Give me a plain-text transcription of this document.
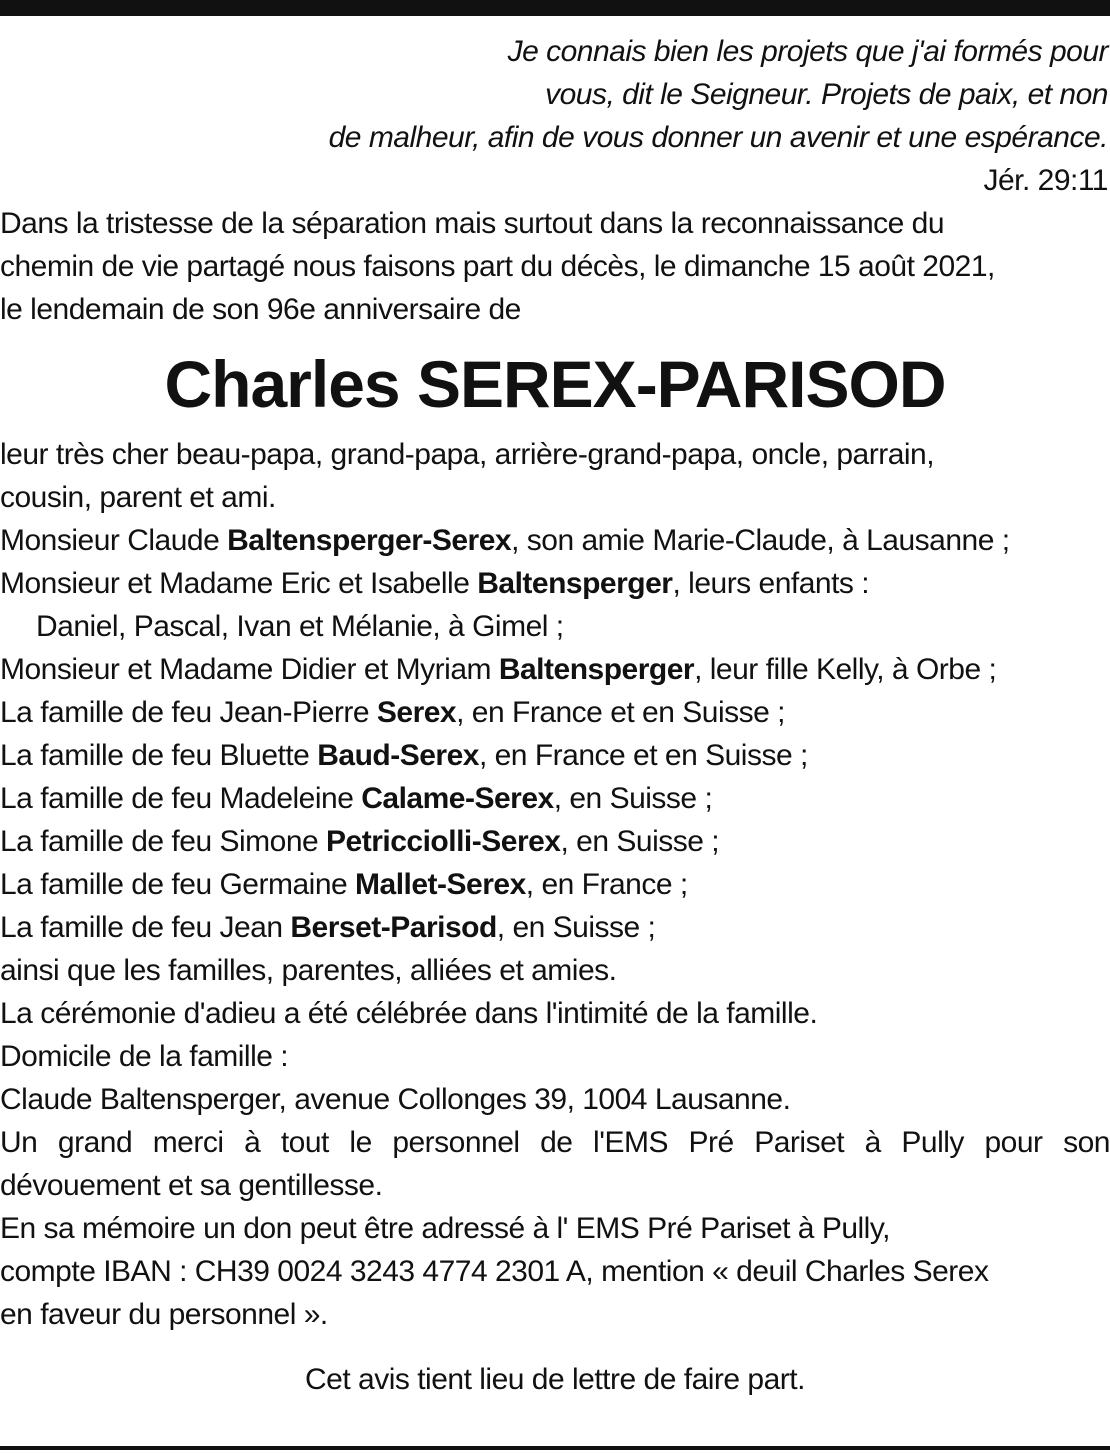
Je connais bien les projets que j'ai formés pour
vous, dit le Seigneur. Projets de paix, et non
de malheur, afin de vous donner un avenir et une espérance.
Jér. 29:11
Dans la tristesse de la séparation mais surtout dans la reconnaissance du
chemin de vie partagé nous faisons part du décès, le dimanche 15 août 2021,
le lendemain de son 96e anniversaire de
Charles SEREX-PARISOD
leur très cher beau-papa, grand-papa, arrière-grand-papa, oncle, parrain,
cousin, parent et ami.
Monsieur Claude Baltensperger-Serex, son amie Marie-Claude, à Lausanne ;
Monsieur et Madame Eric et Isabelle Baltensperger, leurs enfants :
Daniel, Pascal, Ivan et Mélanie, à Gimel ;
Monsieur et Madame Didier et Myriam Baltensperger, leur fille Kelly, à Orbe ;
La famille de feu Jean-Pierre Serex, en France et en Suisse ;
La famille de feu Bluette Baud-Serex, en France et en Suisse ;
La famille de feu Madeleine Calame-Serex, en Suisse ;
La famille de feu Simone Petricciolli-Serex, en Suisse ;
La famille de feu Germaine Mallet-Serex, en France ;
La famille de feu Jean Berset-Parisod, en Suisse ;
ainsi que les familles, parentes, alliées et amies.
La cérémonie d'adieu a été célébrée dans l'intimité de la famille.
Domicile de la famille :
Claude Baltensperger, avenue Collonges 39, 1004 Lausanne.
Un grand merci à tout le personnel de l'EMS Pré Pariset à Pully pour son
dévouement et sa gentillesse.
En sa mémoire un don peut être adressé à l' EMS Pré Pariset à Pully,
compte IBAN : CH39 0024 3243 4774 2301 A, mention « deuil Charles Serex
en faveur du personnel ».
Cet avis tient lieu de lettre de faire part.
